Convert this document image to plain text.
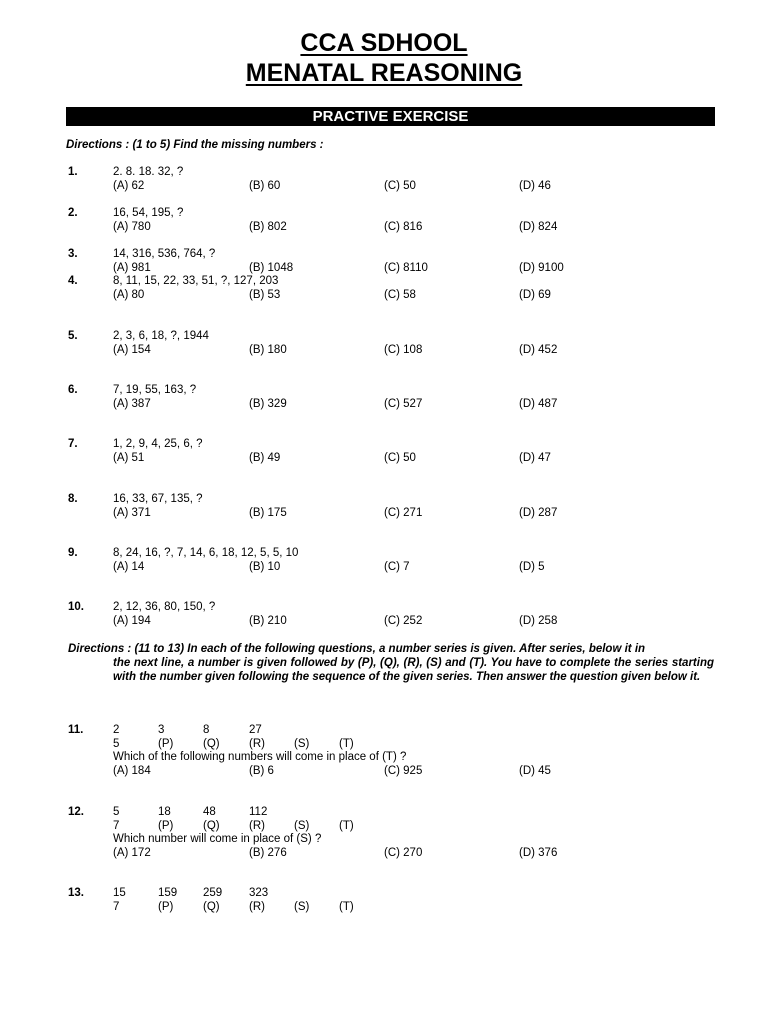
CCA SDHOOL
MENATAL REASONING
PRACTIVE EXERCISE
Directions : (1 to 5) Find the missing numbers :
1.	2. 8. 18. 32, ?
(A) 62	(B) 60	(C) 50	(D) 46
2.	16, 54, 195, ?
(A) 780	(B) 802	(C) 816	(D) 824
3.	14, 316, 536, 764, ?
(A) 981	(B) 1048	(C) 8110	(D) 9100
4.	8, 11, 15, 22, 33, 51, ?, 127, 203
(A) 80	(B) 53	(C) 58	(D) 69
5.	2, 3, 6, 18, ?, 1944
(A) 154	(B) 180	(C) 108	(D) 452
6.	7, 19, 55, 163, ?
(A) 387	(B) 329	(C) 527	(D) 487
7.	1, 2, 9, 4, 25, 6, ?
(A) 51	(B) 49	(C) 50	(D) 47
8.	16, 33, 67, 135, ?
(A) 371	(B) 175	(C) 271	(D) 287
9.	8, 24, 16, ?, 7, 14, 6, 18, 12, 5, 5, 10
(A) 14	(B) 10	(C) 7	(D) 5
10.	2, 12, 36, 80, 150, ?
(A) 194	(B) 210	(C) 252	(D) 258
Directions : (11 to 13) In each of the following questions, a number series is given. After series, below it in
the next line, a number is given followed by (P), (Q), (R), (S) and (T). You have to complete the series starting with the number given following the sequence of the given series. Then answer the question given below it.
11.	2	3	8	27
5	(P)	(Q)	(R)	(S)	(T)
Which of the following numbers will come in place of (T) ?
(A) 184	(B) 6	(C) 925	(D) 45
12.	5	18	48	112
7	(P)	(Q)	(R)	(S)	(T)
Which number will come in place of (S) ?
(A) 172	(B) 276	(C) 270	(D) 376
13.	15	159 259 323
7	(P)	(Q)	(R)	(S)	(T)
